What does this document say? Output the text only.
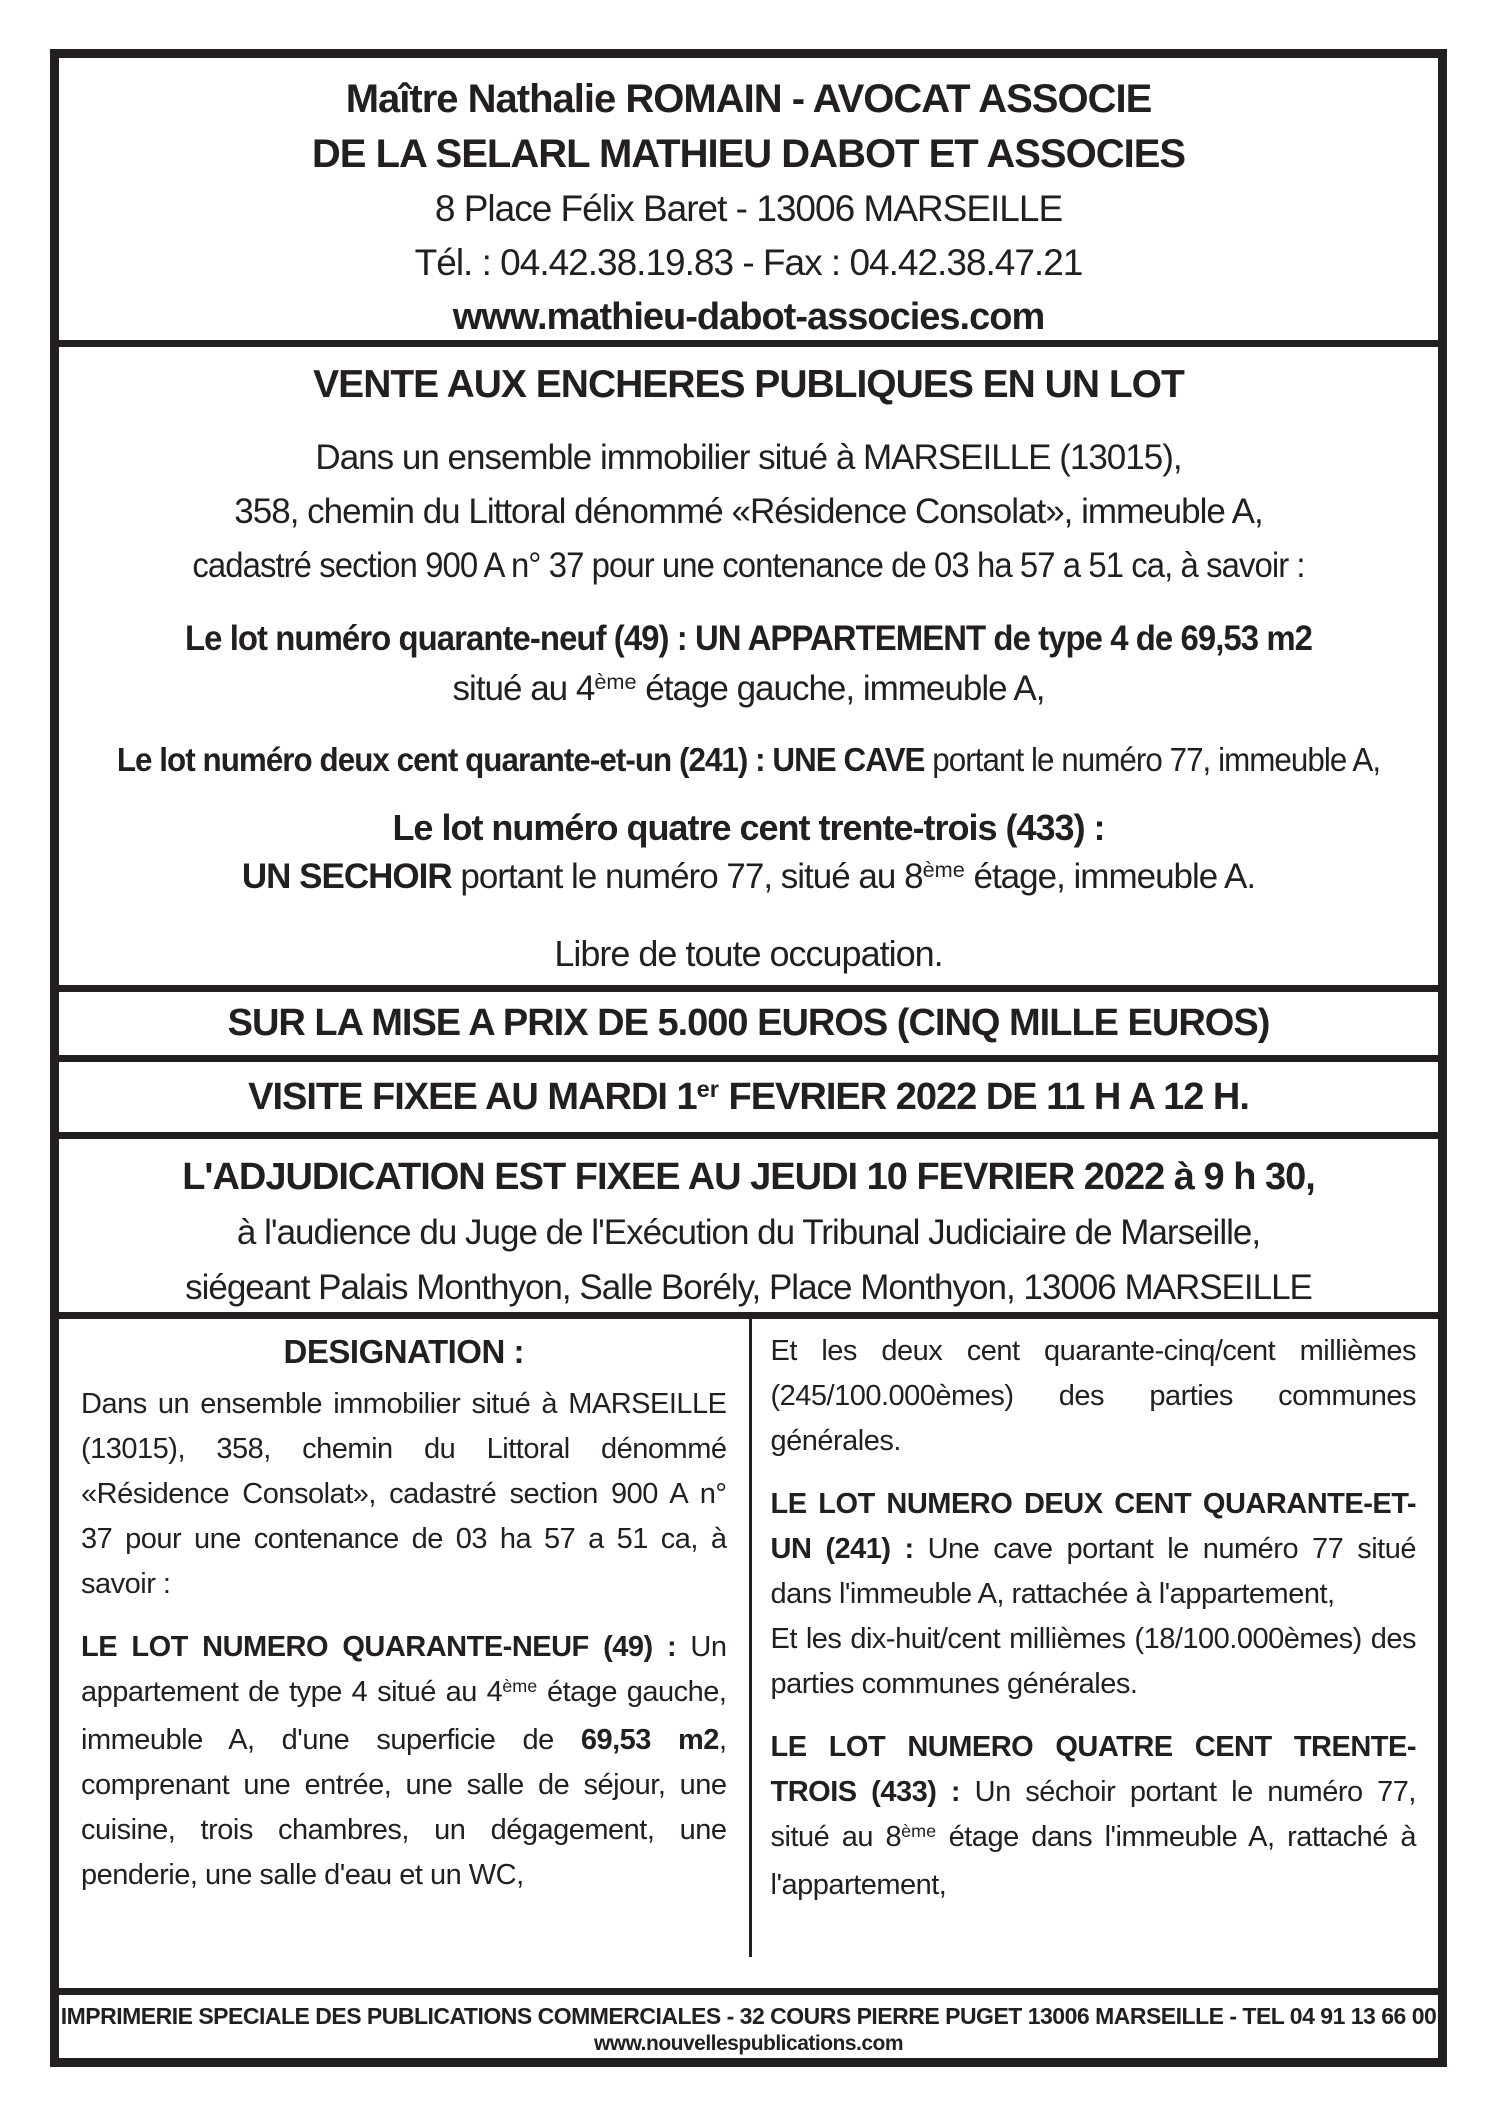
Maître Nathalie ROMAIN - AVOCAT ASSOCIE
DE LA SELARL MATHIEU DABOT ET ASSOCIES
8 Place Félix Baret - 13006 MARSEILLE
Tél. : 04.42.38.19.83 - Fax : 04.42.38.47.21
www.mathieu-dabot-associes.com
VENTE AUX ENCHERES PUBLIQUES EN UN LOT
Dans un ensemble immobilier situé à MARSEILLE (13015),
358, chemin du Littoral dénommé «Résidence Consolat», immeuble A,
cadastré section 900 A n° 37 pour une contenance de 03 ha 57 a 51 ca, à savoir :
Le lot numéro quarante-neuf (49) : UN APPARTEMENT de type 4 de 69,53 m2
situé au 4ème étage gauche, immeuble A,
Le lot numéro deux cent quarante-et-un (241) : UNE CAVE portant le numéro 77, immeuble A,
Le lot numéro quatre cent trente-trois (433) :
UN SECHOIR portant le numéro 77, situé au 8ème étage, immeuble A.
Libre de toute occupation.
SUR LA MISE A PRIX DE 5.000 EUROS (CINQ MILLE EUROS)
VISITE FIXEE AU MARDI 1er FEVRIER 2022 DE 11 H A 12 H.
L'ADJUDICATION EST FIXEE AU JEUDI 10 FEVRIER 2022 à 9 h 30,
à l'audience du Juge de l'Exécution du Tribunal Judiciaire de Marseille,
siégeant Palais Monthyon, Salle Borély, Place Monthyon, 13006 MARSEILLE
DESIGNATION :

Dans un ensemble immobilier situé à MARSEILLE (13015), 358, chemin du Littoral dénommé «Résidence Consolat», cadastré section 900 A n° 37 pour une contenance de 03 ha 57 a 51 ca, à savoir :

LE LOT NUMERO QUARANTE-NEUF (49) : Un appartement de type 4 situé au 4ème étage gauche, immeuble A, d'une superficie de 69,53 m2, comprenant une entrée, une salle de séjour, une cuisine, trois chambres, un dégagement, une penderie, une salle d'eau et un WC,

Et les deux cent quarante-cinq/cent millièmes (245/100.000èmes) des parties communes générales.

LE LOT NUMERO DEUX CENT QUARANTE-ET-UN (241) : Une cave portant le numéro 77 situé dans l'immeuble A, rattachée à l'appartement,

Et les dix-huit/cent millièmes (18/100.000èmes) des parties communes générales.

LE LOT NUMERO QUATRE CENT TRENTE-TROIS (433) : Un séchoir portant le numéro 77, situé au 8ème étage dans l'immeuble A, rattaché à l'appartement,

IMPRIMERIE SPECIALE DES PUBLICATIONS COMMERCIALES - 32 COURS PIERRE PUGET 13006 MARSEILLE - TEL 04 91 13 66 00
www.nouvellespublications.com
